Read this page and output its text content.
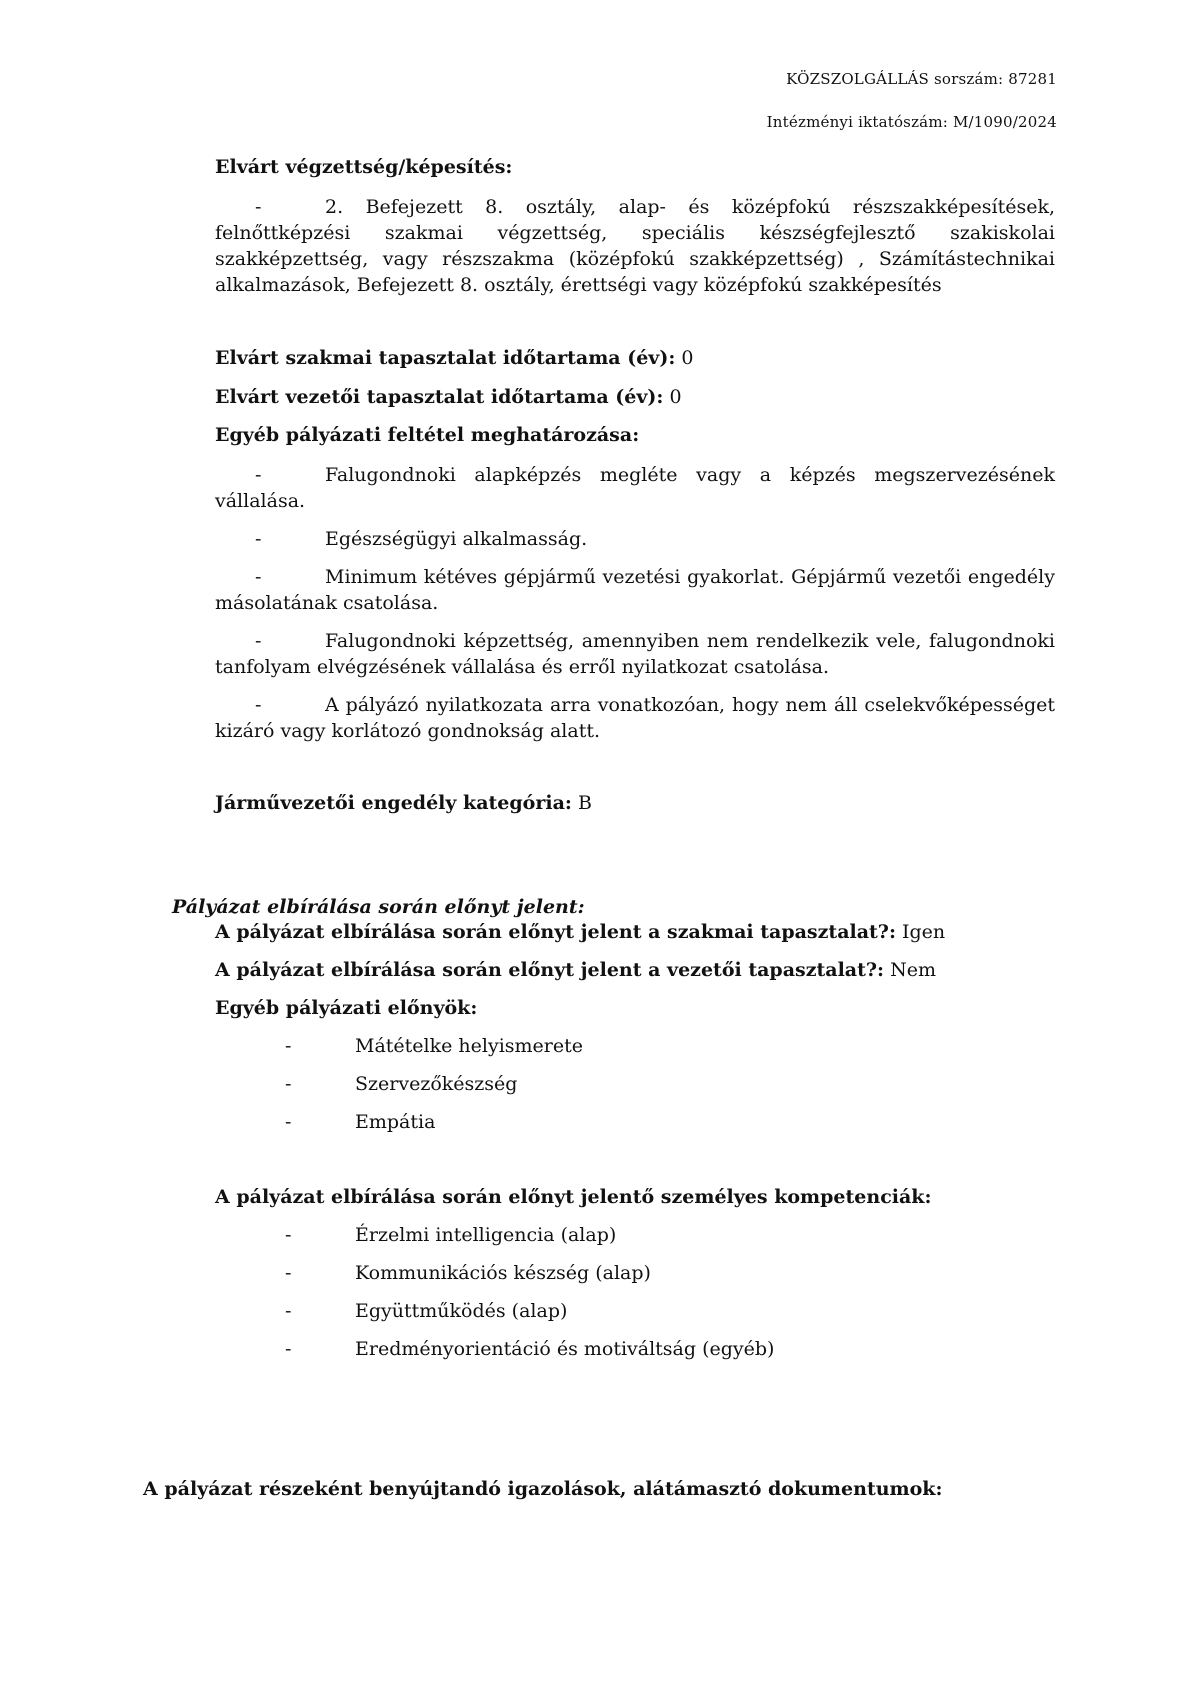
KÖZSZOLGÁLLÁS sorszám: 87281
Intézményi iktatószám: M/1090/2024
Elvárt végzettség/képesítés:
-	2. Befejezett 8. osztály, alap- és középfokú részszakképesítések, felnőttképzési szakmai végzettség, speciális készségfejlesztő szakiskolai szakképzettség, vagy részszakma (középfokú szakképzettség) , Számítástechnikai alkalmazások, Befejezett 8. osztály, érettségi vagy középfokú szakképesítés
Elvárt szakmai tapasztalat időtartama (év): 0
Elvárt vezetői tapasztalat időtartama (év): 0
Egyéb pályázati feltétel meghatározása:
-	Falugondnoki alapképzés megléte vagy a képzés megszervezésének vállalása.
-	Egészségügyi alkalmasság.
-	Minimum kétéves gépjármű vezetési gyakorlat. Gépjármű vezetői engedély másolatának csatolása.
-	Falugondnoki képzettség, amennyiben nem rendelkezik vele, falugondnoki tanfolyam elvégzésének vállalása és erről nyilatkozat csatolása.
-	A pályázó nyilatkozata arra vonatkozóan, hogy nem áll cselekvőképességet kizáró vagy korlátozó gondnokság alatt.
Járművezetői engedély kategória: B
Pályázat elbírálása során előnyt jelent:
A pályázat elbírálása során előnyt jelent a szakmai tapasztalat?: Igen
A pályázat elbírálása során előnyt jelent a vezetői tapasztalat?: Nem
Egyéb pályázati előnyök:
-	Mátételke helyismerete
-	Szervezőkészség
-	Empátia
A pályázat elbírálása során előnyt jelentő személyes kompetenciák:
-	Érzelmi intelligencia (alap)
-	Kommunikációs készség (alap)
-	Együttműködés (alap)
-	Eredményorientáció és motiváltság (egyéb)
A pályázat részeként benyújtandó igazolások, alátámasztó dokumentumok:
